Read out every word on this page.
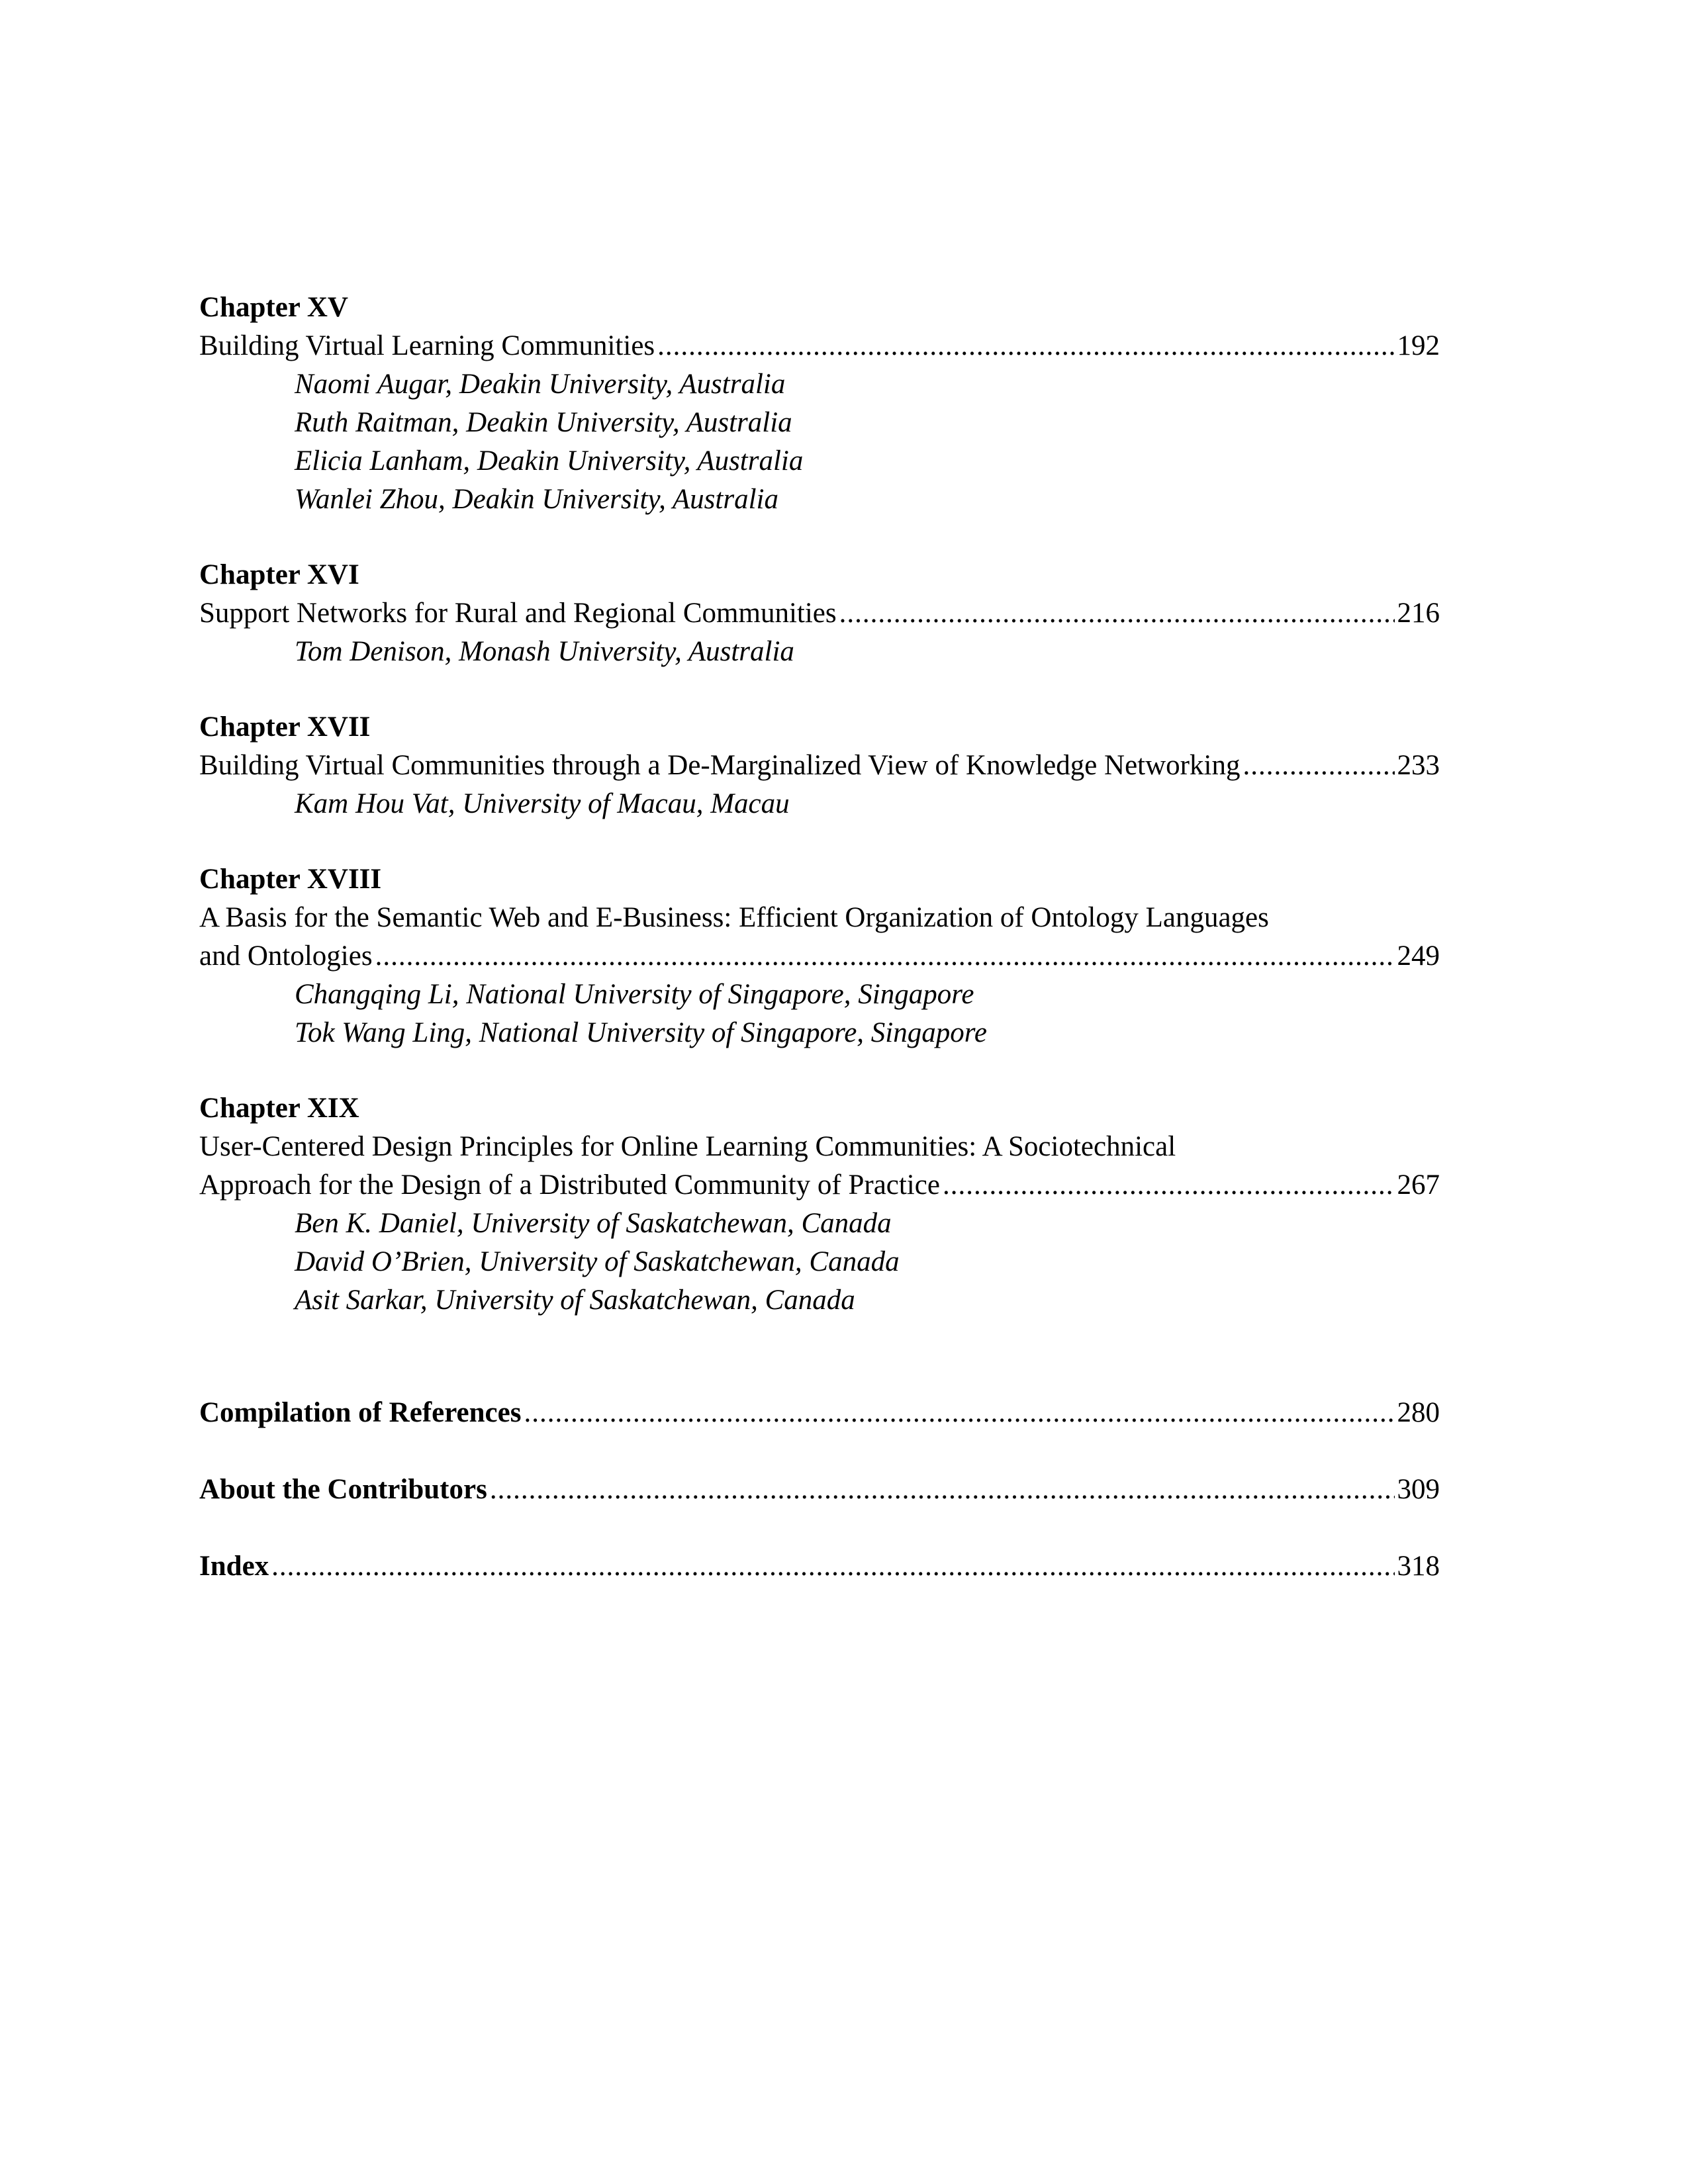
Chapter XV
Building Virtual Learning Communities .....	192
Naomi Augar, Deakin University, Australia
Ruth Raitman, Deakin University, Australia
Elicia Lanham, Deakin University, Australia
Wanlei Zhou, Deakin University, Australia
Chapter XVI
Support Networks for Rural and Regional Communities .....	216
Tom Denison, Monash University, Australia
Chapter XVII
Building Virtual Communities through a De-Marginalized View of Knowledge Networking .....	233
Kam Hou Vat, University of Macau, Macau
Chapter XVIII
A Basis for the Semantic Web and E-Business: Efficient Organization of Ontology Languages
and Ontologies .....	249
Changqing Li, National University of Singapore, Singapore
Tok Wang Ling, National University of Singapore, Singapore
Chapter XIX
User-Centered Design Principles for Online Learning Communities: A Sociotechnical
Approach for the Design of a Distributed Community of Practice .....	267
Ben K. Daniel, University of Saskatchewan, Canada
David O’Brien, University of Saskatchewan, Canada
Asit Sarkar, University of Saskatchewan, Canada
Compilation of References .....	280
About the Contributors .....	309
Index .....	318
